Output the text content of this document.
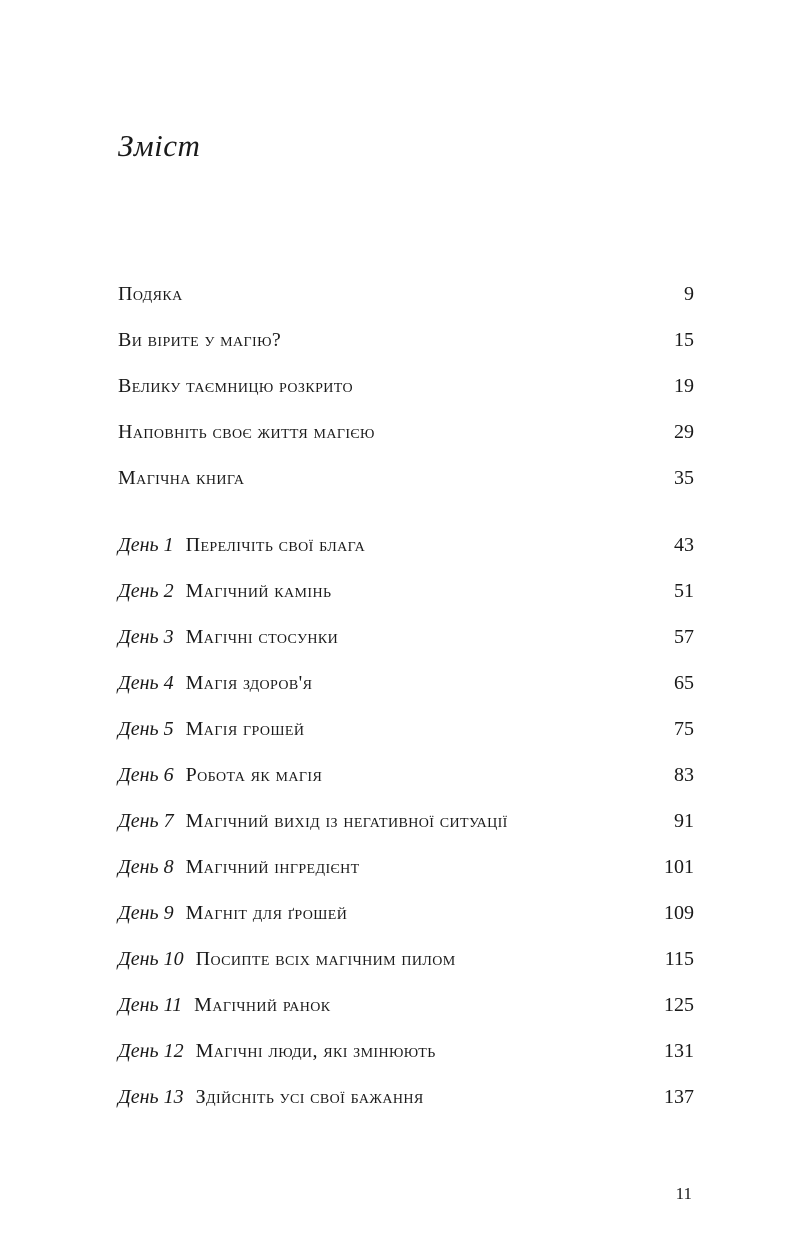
Зміст
Подяка	9
Ви вірите у магію?	15
Велику таємницю розкрито	19
Наповніть своє життя магією	29
Магічна книга	35
День 1 Перелічіть свої блага	43
День 2 Магічний камінь	51
День 3 Магічні стосунки	57
День 4 Магія здоров'я	65
День 5 Магія грошей	75
День 6 Робота як магія	83
День 7 Магічний вихід із негативної ситуації	91
День 8 Магічний інгредієнт	101
День 9 Магніт для ґрошей	109
День 10 Посипте всіх магічним пилом	115
День 11 Магічний ранок	125
День 12 Магічні люди, які змінюють	131
День 13 Здійсніть усі свої бажання	137
11
